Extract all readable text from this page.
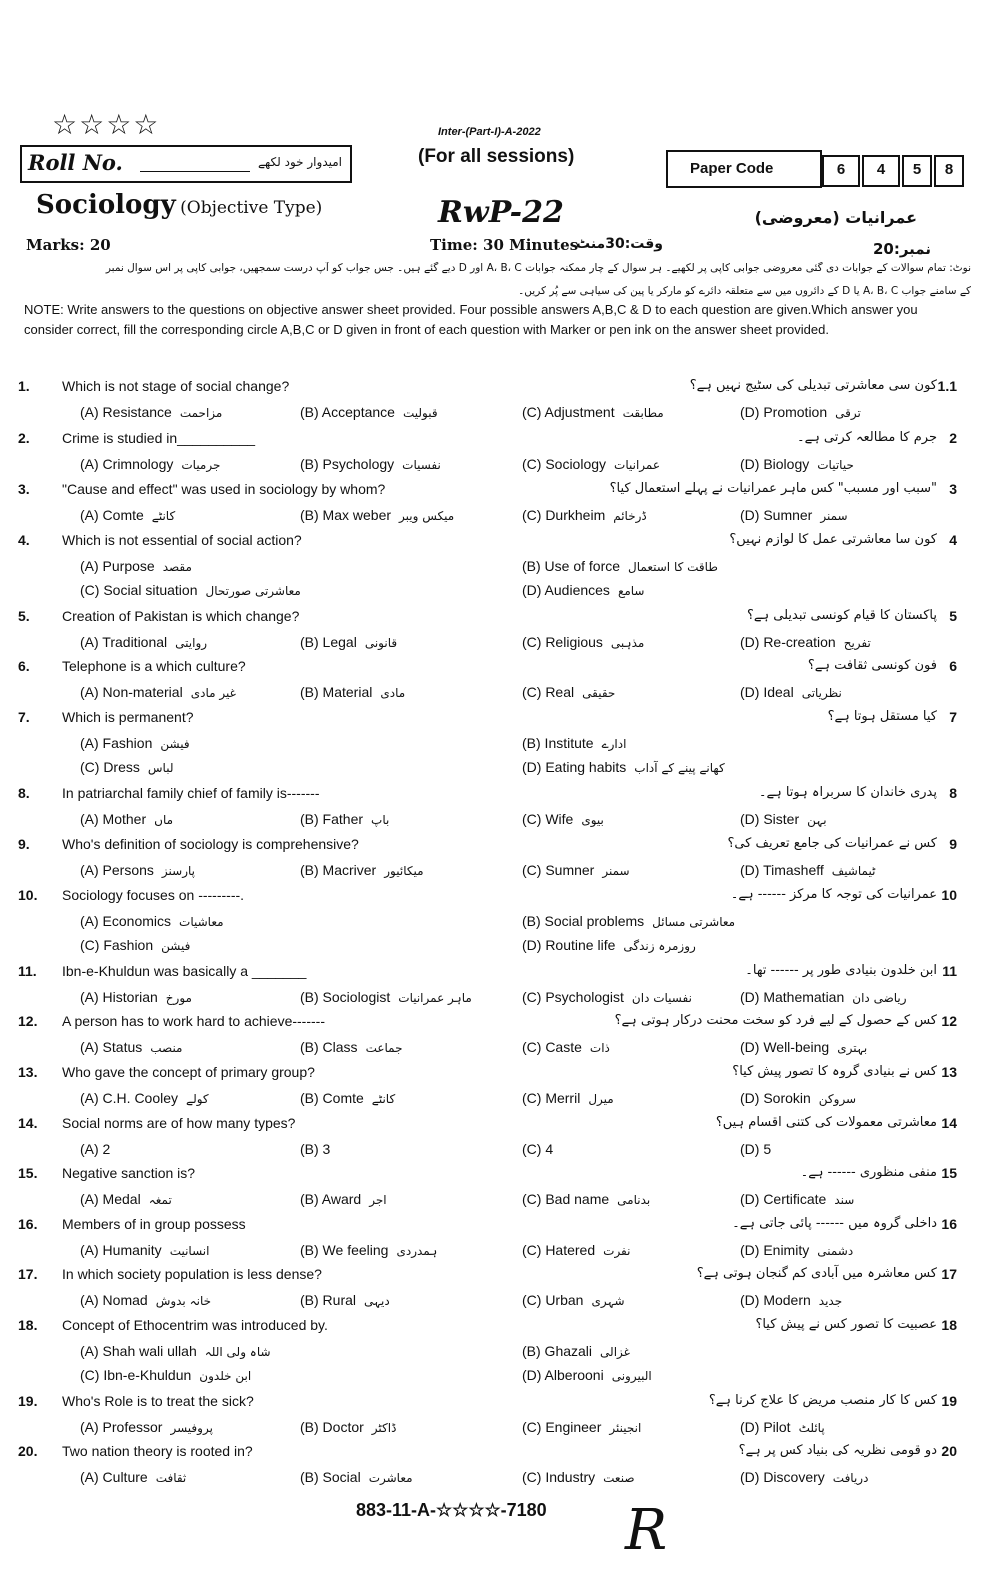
☆☆☆☆
Roll No.	امیدوار خود لکھے
Inter-(Part-I)-A-2022
(For all sessions)
Paper Code	6	4	5	8
Sociology (Objective Type)	RwP-22	عمرانیات (معروضی)
Marks: 20	Time: 30 Minutes
وقت:30منٹ	نمبر:20
نوٹ: تمام سوالات کے جوابات دی گئی معروضی جوابی کاپی پر لکھیے۔ ہر سوال کے چار ممکنہ جوابات A، B، C اور D دیے گئے ہیں۔ جس جواب کو آپ درست سمجھیں، جوابی کاپی پر اس سوال نمبر
کے سامنے جواب A، B، C یا D کے دائروں میں سے متعلقہ دائرے کو مارکر یا پین کی سیاہی سے پُر کریں۔
NOTE: Write answers to the questions on objective answer sheet provided. Four possible answers A,B,C & D to each question are given.Which answer you consider correct, fill the corresponding circle A,B,C or D given in front of each question with Marker or pen ink on the answer sheet provided.
1. Which is not stage of social change?	کون سی معاشرتی تبدیلی کی سٹیج نہیں ہے؟ 1.1
(A) Resistance مزاحمت	(B) Acceptance قبولیت	(C) Adjustment مطابقت	(D) Promotion ترقی
2. Crime is studied in__________	جرم کا مطالعہ کرتی ہے۔ 2
(A) Crimnology جرمیات	(B) Psychology نفسیات	(C) Sociology عمرانیات	(D) Biology حیاتیات
3. "Cause and effect" was used in sociology by whom?	"سبب اور مسبب" کس ماہر عمرانیات نے پہلے استعمال کیا؟ 3
(A) Comte کانٹے	(B) Max weber میکس ویبر	(C) Durkheim ڈرخائم	(D) Sumner سمنر
4. Which is not essential of social action?	کون سا معاشرتی عمل کا لوازم نہیں؟ 4
(A) Purpose مقصد	(B) Use of force طاقت کا استعمال
(C) Social situation معاشرتی صورتحال	(D) Audiences سامع
5. Creation of Pakistan is which change?	پاکستان کا قیام کونسی تبدیلی ہے؟ 5
(A) Traditional روایتی	(B) Legal قانونی	(C) Religious مذہبی	(D) Re-creation تفریح
6. Telephone is a which culture?	فون کونسی ثقافت ہے؟ 6
(A) Non-material غیر مادی	(B) Material مادی	(C) Real حقیقی	(D) Ideal نظریاتی
7. Which is permanent?	کیا مستقل ہوتا ہے؟ 7
(A) Fashion فیشن	(B) Institute ادارے
(C) Dress لباس	(D) Eating habits کھانے پینے کے آداب
8. In patriarchal family chief of family is-------	پدری خاندان کا سربراہ ہوتا ہے۔ 8
(A) Mother ماں	(B) Father باپ	(C) Wife بیوی	(D) Sister بہن
9. Who's definition of sociology is comprehensive?	کس نے عمرانیات کی جامع تعریف کی؟ 9
(A) Persons پارسنز	(B) Macriver میکائیور	(C) Sumner سمنر	(D) Timasheff ٹیماشیف
10. Sociology focuses on ---------.	عمرانیات کی توجہ کا مرکز ------ ہے۔ 10
(A) Economics معاشیات	(B) Social problems معاشرتی مسائل
(C) Fashion فیشن	(D) Routine life روزمرہ زندگی
11. Ibn-e-Khuldun was basically a _______	ابن خلدون بنیادی طور پر ------ تھا۔ 11
(A) Historian مورخ	(B) Sociologist ماہر عمرانیات	(C) Psychologist نفسیات دان	(D) Mathematian ریاضی دان
12. A person has to work hard to achieve-------	کس کے حصول کے لیے فرد کو سخت محنت درکار ہوتی ہے؟ 12
(A) Status منصب	(B) Class جماعت	(C) Caste ذات	(D) Well-being بہتری
13. Who gave the concept of primary group?	کس نے بنیادی گروہ کا تصور پیش کیا؟ 13
(A) C.H. Cooley کولے	(B) Comte کانٹے	(C) Merril میرل	(D) Sorokin سروکن
14. Social norms are of how many types?	معاشرتی معمولات کی کتنی اقسام ہیں؟ 14
(A) 2	(B) 3	(C) 4	(D) 5
15. Negative sanction is?	منفی منظوری ------ ہے۔ 15
(A) Medal تمغہ	(B) Award اجر	(C) Bad name بدنامی	(D) Certificate سند
16. Members of in group possess	داخلی گروہ میں ------ پائی جاتی ہے۔ 16
(A) Humanity انسانیت	(B) We feeling ہمدردی	(C) Hatered نفرت	(D) Enimity دشمنی
17. In which society population is less dense?	کس معاشرہ میں آبادی کم گنجان ہوتی ہے؟ 17
(A) Nomad خانہ بدوش	(B) Rural دیہی	(C) Urban شہری	(D) Modern جدید
18. Concept of Ethocentrim was introduced by.	عصبیت کا تصور کس نے پیش کیا؟ 18
(A) Shah wali ullah شاہ ولی اللہ	(B) Ghazali غزالی
(C) Ibn-e-Khuldun ابن خلدون	(D) Alberooni البیرونی
19. Who's Role is to treat the sick?	کس کا کار منصب مریض کا علاج کرنا ہے؟ 19
(A) Professor پروفیسر	(B) Doctor ڈاکٹر	(C) Engineer انجینئر	(D) Pilot پائلٹ
20. Two nation theory is rooted in?	دو قومی نظریہ کی بنیاد کس پر ہے؟ 20
(A) Culture ثقافت	(B) Social معاشرت	(C) Industry صنعت	(D) Discovery دریافت
883-11-A-☆☆☆☆-7180 R
